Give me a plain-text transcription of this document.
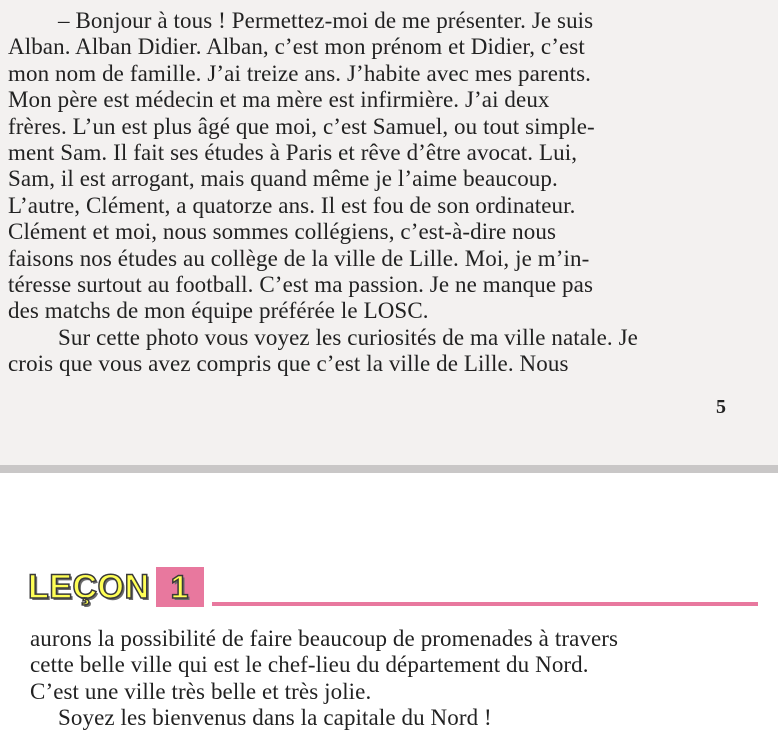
– Bonjour à tous ! Permettez-moi de me présenter. Je suis
Alban. Alban Didier. Alban, c’est mon prénom et Didier, c’est
mon nom de famille. J’ai treize ans. J’habite avec mes parents.
Mon père est médecin et ma mère est infirmière. J’ai deux
frères. L’un est plus âgé que moi, c’est Samuel, ou tout simple-
ment Sam. Il fait ses études à Paris et rêve d’être avocat. Lui,
Sam, il est arrogant, mais quand même je l’aime beaucoup.
L’autre, Clément, a quatorze ans. Il est fou de son ordinateur.
Clément et moi, nous sommes collégiens, c’est-à-dire nous
faisons nos études au collège de la ville de Lille. Moi, je m’in-
téresse surtout au football. C’est ma passion. Je ne manque pas
des matchs de mon équipe préférée le LOSC.
Sur cette photo vous voyez les curiosités de ma ville natale. Je
crois que vous avez compris que c’est la ville de Lille. Nous
5
LEÇON 1
aurons la possibilité de faire beaucoup de promenades à travers
cette belle ville qui est le chef-lieu du département du Nord.
C’est une ville très belle et très jolie.
Soyez les bienvenus dans la capitale du Nord !
